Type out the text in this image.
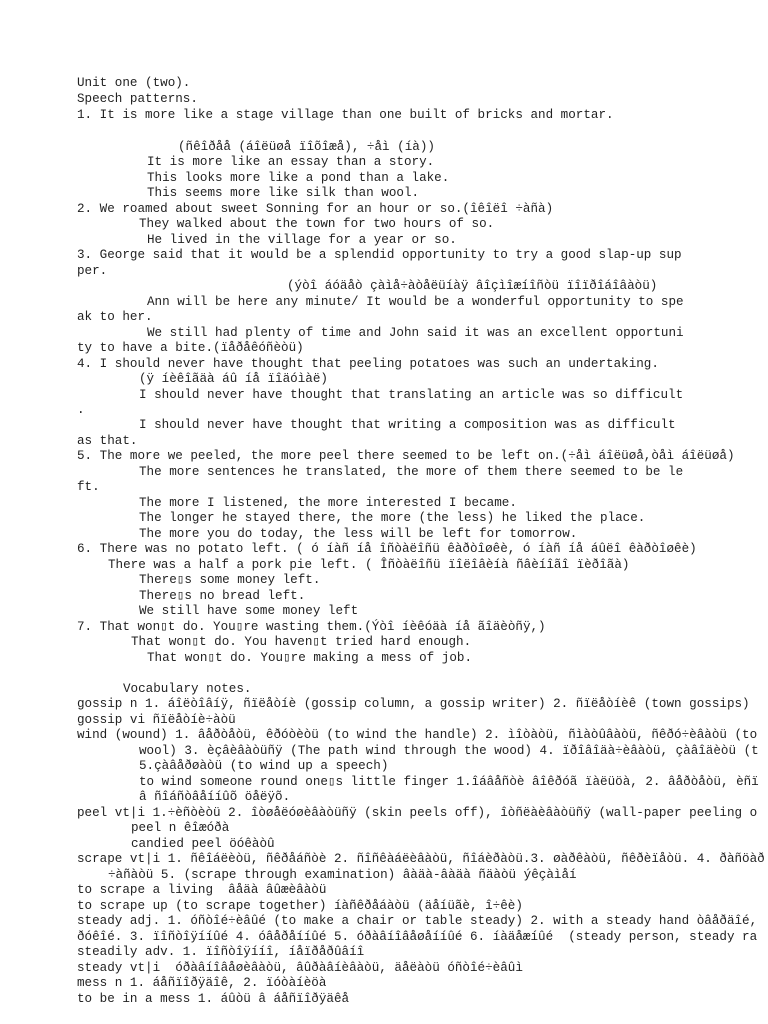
Unit one (two).
Speech patterns.
1. It is more like a stage village than one built of bricks and mortar.
(ñêîðåå (áîëüøå ïîõîæå), ÷åì (íà))
It is more like an essay than a story.
This looks more like a pond than a lake.
This seems more like silk than wool.
2. We roamed about sweet Sonning for an hour or so.(îêîëî ÷àñà)
They walked about the town for two hours of so.
He lived in the village for a year or so.
3. George said that it would be a splendid opportunity to try a good slap-up sup
per.
(ýòî áóäåò çàìå÷àòåëüíàÿ âîçìîæíîñòü ïîïðîáîâàòü)
Ann will be here any minute/ It would be a wonderful opportunity to spe
ak to her.
We still had plenty of time and John said it was an excellent opportuni
ty to have a bite.(ïåðåêóñèòü)
4. I should never have thought that peeling potatoes was such an undertaking.
(ÿ íèêîãäà áû íå ïîäóìàë)
I should never have thought that translating an article was so difficult
.
I should never have thought that writing a composition was as difficult
as that.
5. The more we peeled, the more peel there seemed to be left on.(÷åì áîëüøå,òåì áîëüøå)
The more sentences he translated, the more of them there seemed to be le
ft.
The more I listened, the more interested I became.
The longer he stayed there, the more (the less) he liked the place.
The more you do today, the less will be left for tomorrow.
6. There was no potato left. ( ó íàñ íå îñòàëîñü êàðòîøêè, ó íàñ íå áûëî êàðòîøêè)
There was a half a pork pie left. ( Îñòàëîñü ïîëîâèíà ñâèíîãî ïèðîãà)
There▯s some money left.
There▯s no bread left.
We still have some money left
7. That won▯t do. You▯re wasting them.(Ýòî íèêóäà íå ãîäèòñÿ,)
That won▯t do. You haven▯t tried hard enough.
That won▯t do. You▯re making a mess of job.
Vocabulary notes.
gossip n 1. áîëòîâíÿ, ñïëåòíè (gossip column, a gossip writer) 2. ñïëåòíèê (town gossips)
gossip vi ñïëåòíè÷àòü
wind (wound) 1. âåðòåòü, êðóòèòü (to wind the handle) 2. ìîòàòü, ñìàòûâàòü, ñêðó÷èâàòü (to
wool) 3. èçâèâàòüñÿ (The path wind through the wood) 4. ïðîâîäà÷èâàòü, çàâîäèòü (t
5.çàâåðøàòü (to wind up a speech)
to wind someone round one▯s little finger 1.îáâåñòè âîêðóã ïàëüöà, 2. âåðòåòü, èñï
â ñîáñòâåííûõ öåëÿõ.
peel vt|i 1.÷èñòèòü 2. îòøåëóøèâàòüñÿ (skin peels off), îòñëàèâàòüñÿ (wall-paper peeling o
peel n êîæóðà
candied peel öóêàòû
scrape vt|i 1. ñêîáëèòü, ñêðåáñòè 2. ñîñêàáëèâàòü, ñîáèðàòü.3. øàðêàòü, ñêðèïåòü. 4. ðàñöàð
÷àñàòü 5. (scrape through examination) âàäà-âàäà ñäàòü ýêçàìåí
to scrape a living  âåäà âûæèâàòü
to scrape up (to scrape together) íàñêðåáàòü (äåíüãè, î÷êè)
steady adj. 1. óñòîé÷èâûé (to make a chair or table steady) 2. with a steady hand òâåðäîé,
ðóêîé. 3. ïîñòîÿííûé 4. óâåðåííûé 5. óðàâíîâåøåííûé 6. íàäåæíûé  (steady person, steady ra
steadily adv. 1. ïîñòîÿííî, íåïðåðûâíî
steady vt|i  óðàâíîâåøèâàòü, âûðàâíèâàòü, äåëàòü óñòîé÷èâûì
mess n 1. áåñïîðÿäîê, 2. ïóòàíèöà
to be in a mess 1. áûòü â áåñïîðÿäêå
